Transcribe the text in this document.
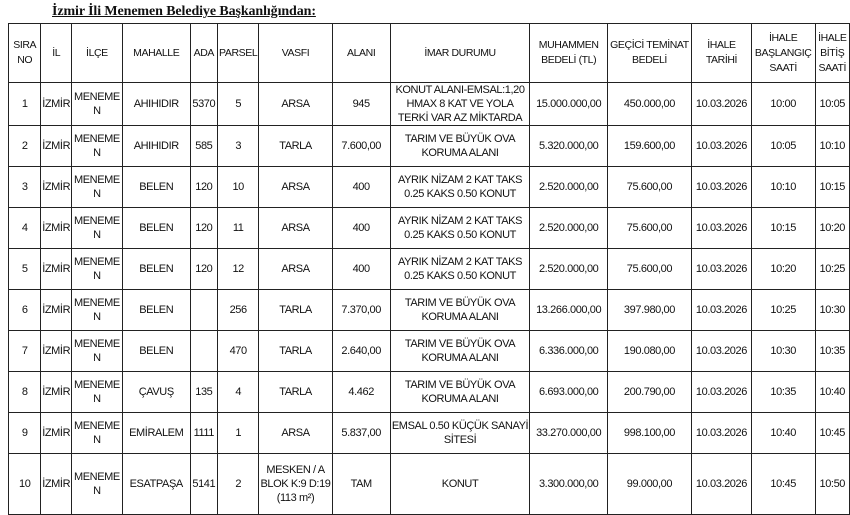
İzmir İli Menemen Belediye Başkanlığından:
SIRA NO	İL	İLÇE	MAHALLE	ADA	PARSEL	VASFI	ALANI	İMAR DURUMU	MUHAMMEN BEDELİ (TL)	GEÇİCİ TEMİNAT BEDELİ	İHALE TARİHİ	İHALE BAŞLANGIÇ SAATİ	İHALE BİTİŞ SAATİ
1	İZMİR	MENEMEN	AHIHIDIR	5370	5	ARSA	945	KONUT ALANI-EMSAL:1,20 HMAX 8 KAT VE YOLA TERKİ VAR AZ MİKTARDA	15.000.000,00	450.000,00	10.03.2026	10:00	10:05
2	İZMİR	MENEMEN	AHIHIDIR	585	3	TARLA	7.600,00	TARIM VE BÜYÜK OVA KORUMA ALANI	5.320.000,00	159.600,00	10.03.2026	10:05	10:10
3	İZMİR	MENEMEN	BELEN	120	10	ARSA	400	AYRIK NİZAM 2 KAT TAKS 0.25 KAKS 0.50 KONUT	2.520.000,00	75.600,00	10.03.2026	10:10	10:15
4	İZMİR	MENEMEN	BELEN	120	11	ARSA	400	AYRIK NİZAM 2 KAT TAKS 0.25 KAKS 0.50 KONUT	2.520.000,00	75.600,00	10.03.2026	10:15	10:20
5	İZMİR	MENEMEN	BELEN	120	12	ARSA	400	AYRIK NİZAM 2 KAT TAKS 0.25 KAKS 0.50 KONUT	2.520.000,00	75.600,00	10.03.2026	10:20	10:25
6	İZMİR	MENEMEN	BELEN		256	TARLA	7.370,00	TARIM VE BÜYÜK OVA KORUMA ALANI	13.266.000,00	397.980,00	10.03.2026	10:25	10:30
7	İZMİR	MENEMEN	BELEN		470	TARLA	2.640,00	TARIM VE BÜYÜK OVA KORUMA ALANI	6.336.000,00	190.080,00	10.03.2026	10:30	10:35
8	İZMİR	MENEMEN	ÇAVUŞ	135	4	TARLA	4.462	TARIM VE BÜYÜK OVA KORUMA ALANI	6.693.000,00	200.790,00	10.03.2026	10:35	10:40
9	İZMİR	MENEMEN	EMİRALEM	1111	1	ARSA	5.837,00	EMSAL 0.50 KÜÇÜK SANAYİ SİTESİ	33.270.000,00	998.100,00	10.03.2026	10:40	10:45
10	İZMİR	MENEMEN	ESATPAŞA	5141	2	MESKEN / A BLOK K:9 D:19 (113 m²)	TAM	KONUT	3.300.000,00	99.000,00	10.03.2026	10:45	10:50
